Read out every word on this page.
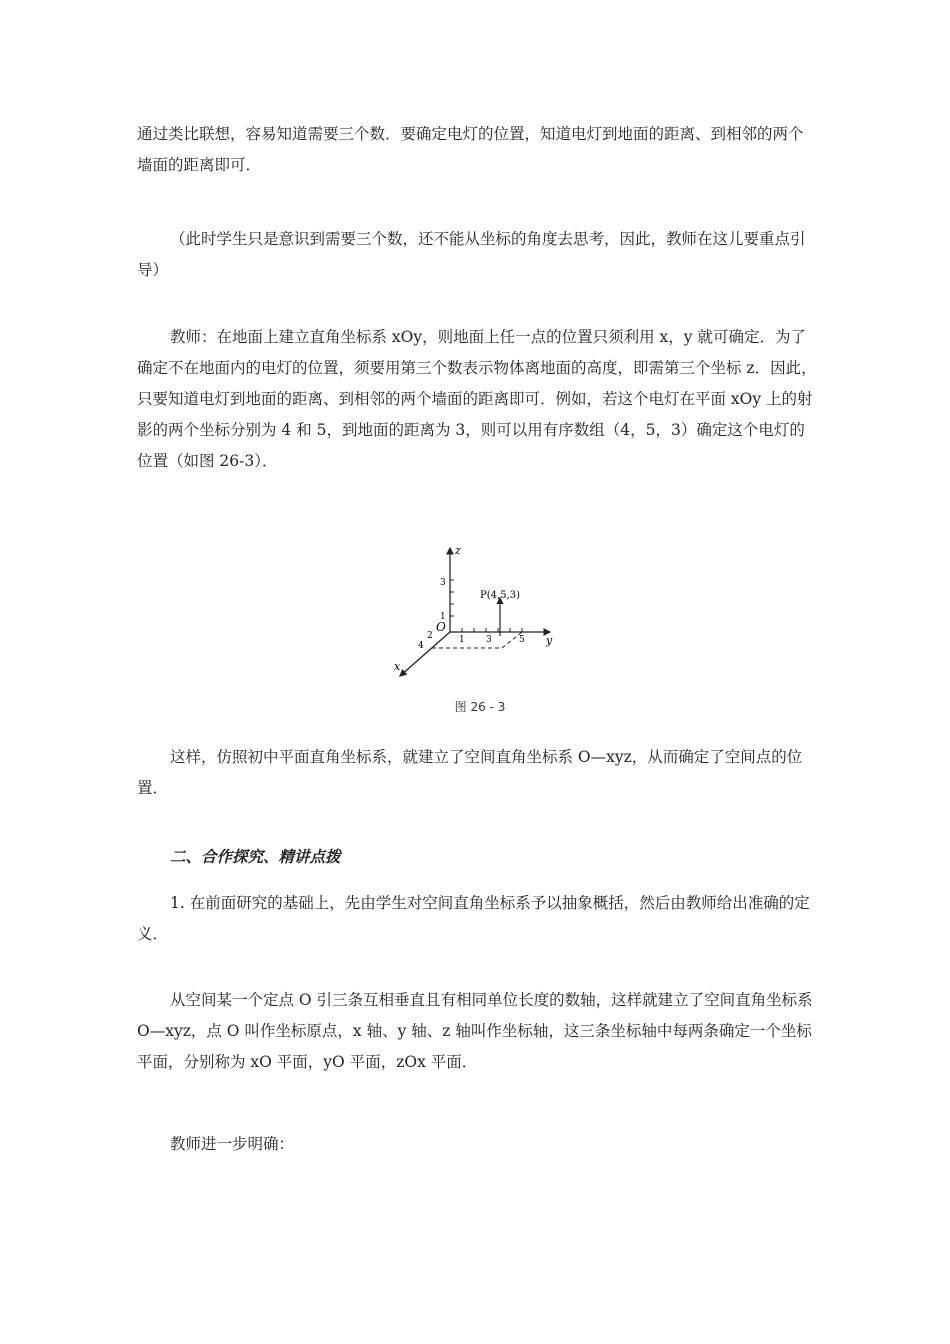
通过类比联想，容易知道需要三个数．要确定电灯的位置，知道电灯到地面的距离、到相邻的两个墙面的距离即可．

（此时学生只是意识到需要三个数，还不能从坐标的角度去思考，因此，教师在这儿要重点引导）

教师：在地面上建立直角坐标系 xOy，则地面上任一点的位置只须利用 x，y 就可确定．为了确定不在地面内的电灯的位置，须要用第三个数表示物体离地面的高度，即需第三个坐标 z．因此，只要知道电灯到地面的距离、到相邻的两个墙面的距离即可．例如，若这个电灯在平面 xOy 上的射影的两个坐标分别为 4 和 5，到地面的距离为 3，则可以用有序数组（4，5，3）确定这个电灯的位置（如图 26-3）．

z
y
x
O
P(4,5,3)
3
1
1 3	5
2
4
图 26 - 3

这样，仿照初中平面直角坐标系，就建立了空间直角坐标系 O—xyz，从而确定了空间点的位置．

二、合作探究、精讲点拨

1. 在前面研究的基础上，先由学生对空间直角坐标系予以抽象概括，然后由教师给出准确的定义．

从空间某一个定点 O 引三条互相垂直且有相同单位长度的数轴，这样就建立了空间直角坐标系 O—xyz，点 O 叫作坐标原点，x 轴、y 轴、z 轴叫作坐标轴，这三条坐标轴中每两条确定一个坐标平面，分别称为 xO 平面，yO 平面，zOx 平面．

教师进一步明确：
